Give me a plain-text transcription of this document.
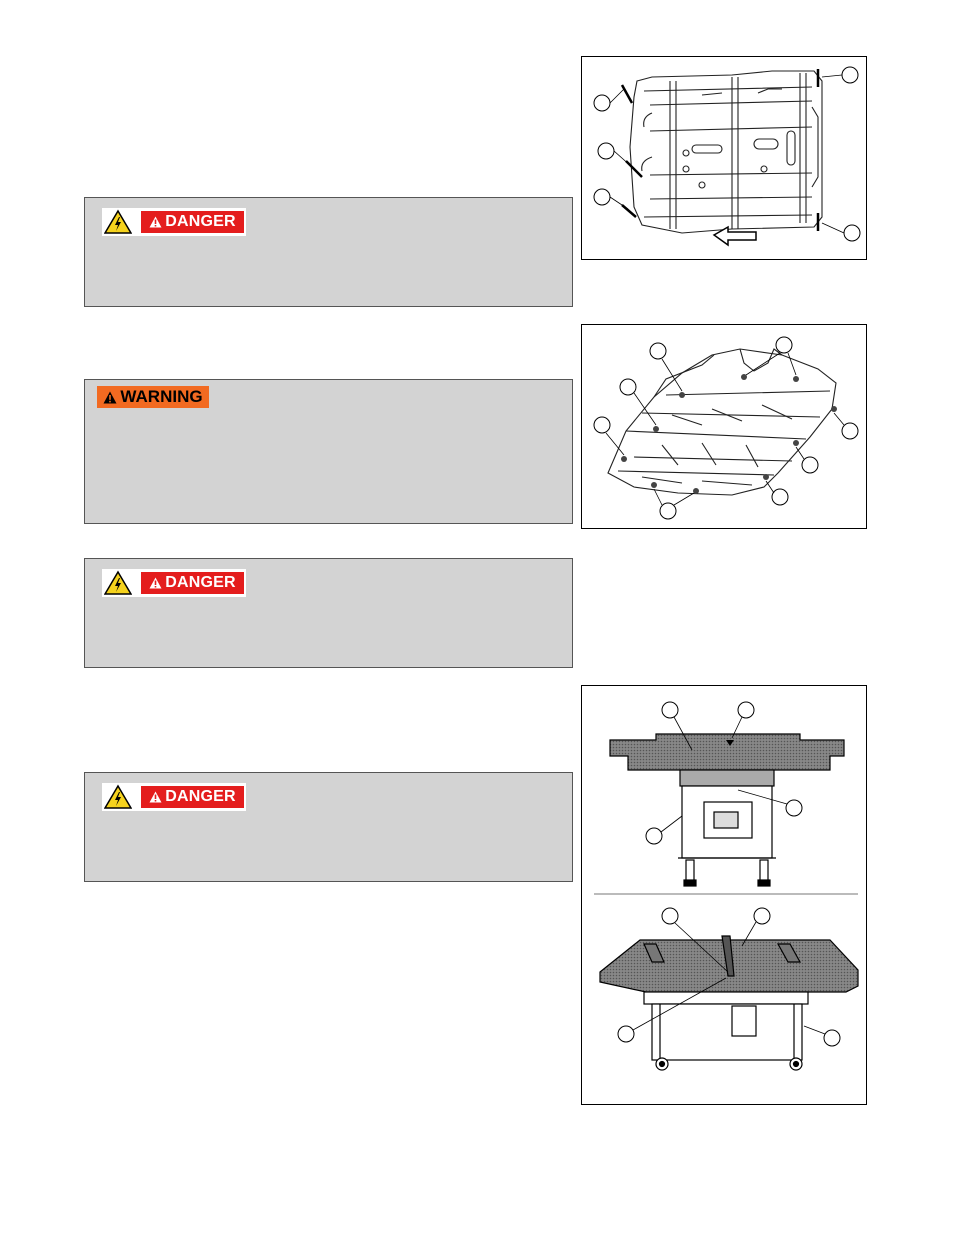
DANGER
WARNING
DANGER
DANGER
